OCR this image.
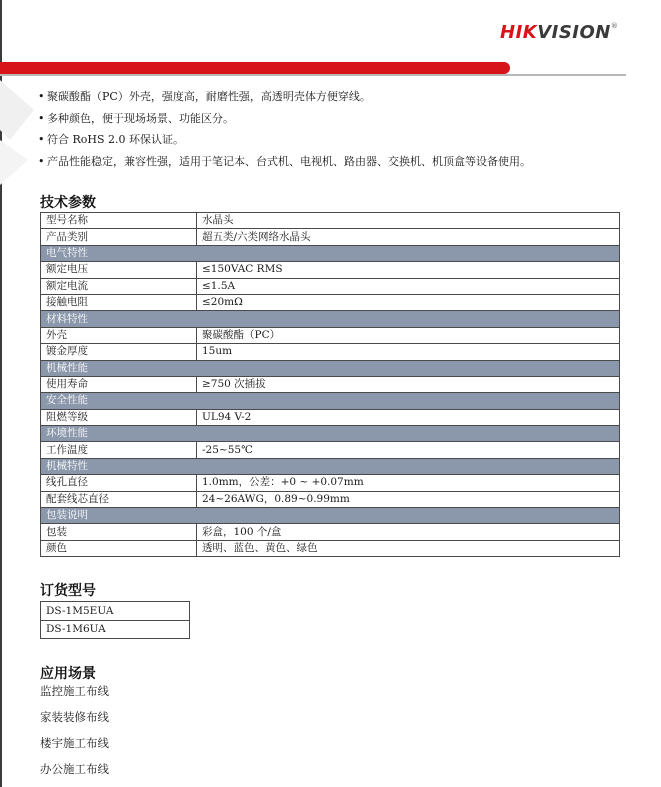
HIKVISION®
• 聚碳酸酯（PC）外壳，强度高，耐磨性强，高透明壳体方便穿线。
• 多种颜色，便于现场场景、功能区分。
• 符合 RoHS 2.0 环保认证。
• 产品性能稳定，兼容性强，适用于笔记本、台式机、电视机、路由器、交换机、机顶盒等设备使用。
技术参数
型号名称	水晶头
产品类别	超五类/六类网络水晶头
电气特性	
额定电压	≤150VAC RMS
额定电流	≤1.5A
接触电阻	≤20mΩ
材料特性	
外壳	聚碳酸酯（PC）
镀金厚度	15um
机械性能	
使用寿命	≥750 次插拔
安全性能	
阻燃等级	UL94 V-2
环境性能	
工作温度	-25~55℃
机械特性	
线孔直径	1.0mm，公差：+0 ~ +0.07mm
配套线芯直径	24~26AWG，0.89~0.99mm
包装说明	
包装	彩盒，100 个/盒
颜色	透明、蓝色、黄色、绿色
订货型号
DS-1M5EUA
DS-1M6UA
应用场景
监控施工布线
家装装修布线
楼宇施工布线
办公施工布线
